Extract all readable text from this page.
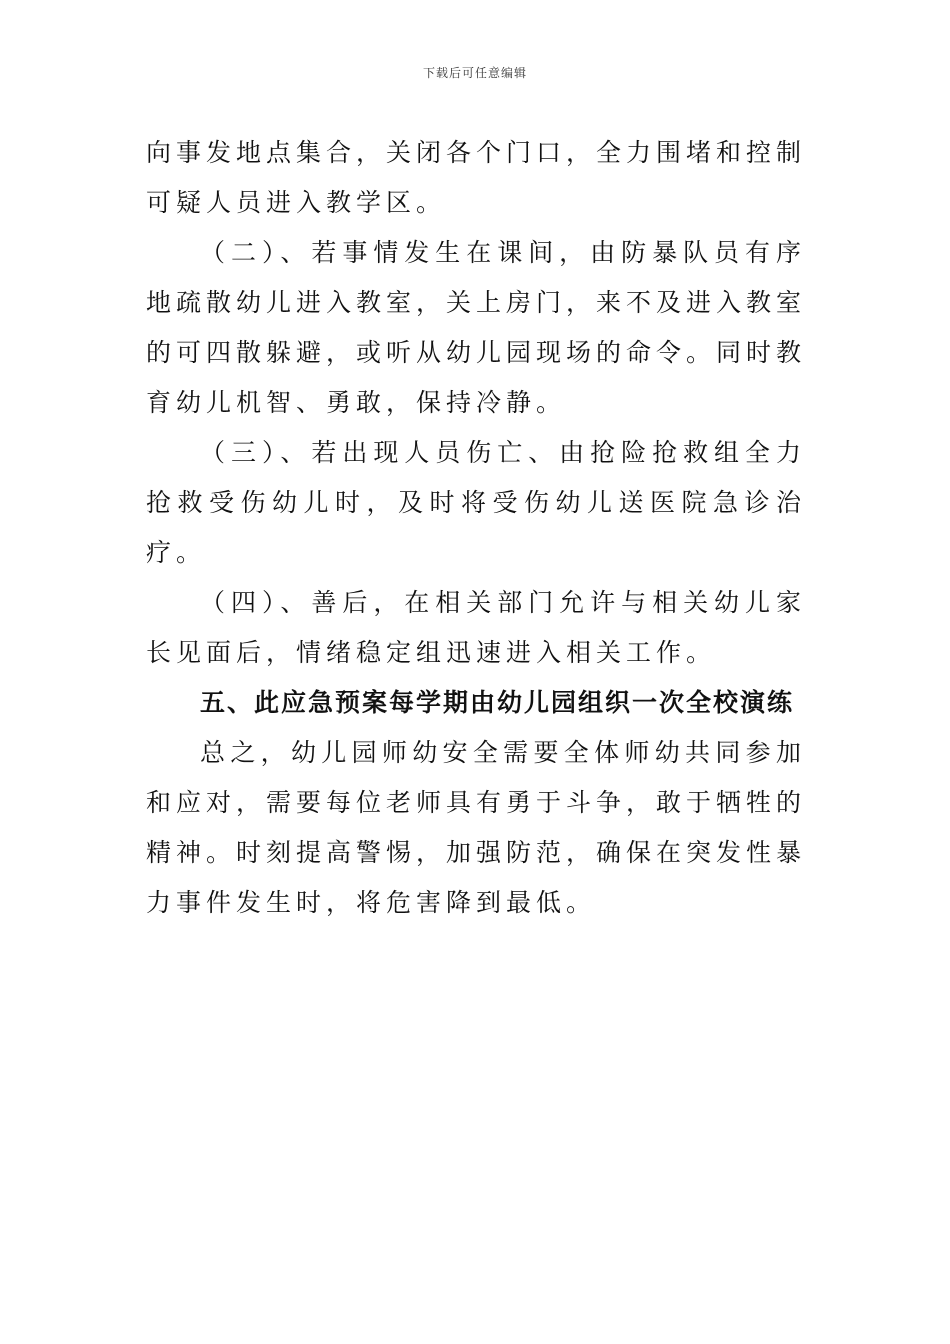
下载后可任意编辑

向事发地点集合，关闭各个门口，全力围堵和控制可疑人员进入教学区。

（二）、若事情发生在课间，由防暴队员有序地疏散幼儿进入教室，关上房门，来不及进入教室的可四散躲避，或听从幼儿园现场的命令。同时教育幼儿机智、勇敢，保持冷静。

（三）、若出现人员伤亡、由抢险抢救组全力抢救受伤幼儿时，及时将受伤幼儿送医院急诊治疗。

（四）、善后，在相关部门允许与相关幼儿家长见面后，情绪稳定组迅速进入相关工作。

五、此应急预案每学期由幼儿园组织一次全校演练

总之，幼儿园师幼安全需要全体师幼共同参加和应对，需要每位老师具有勇于斗争，敢于牺牲的精神。时刻提高警惕，加强防范，确保在突发性暴力事件发生时，将危害降到最低。
